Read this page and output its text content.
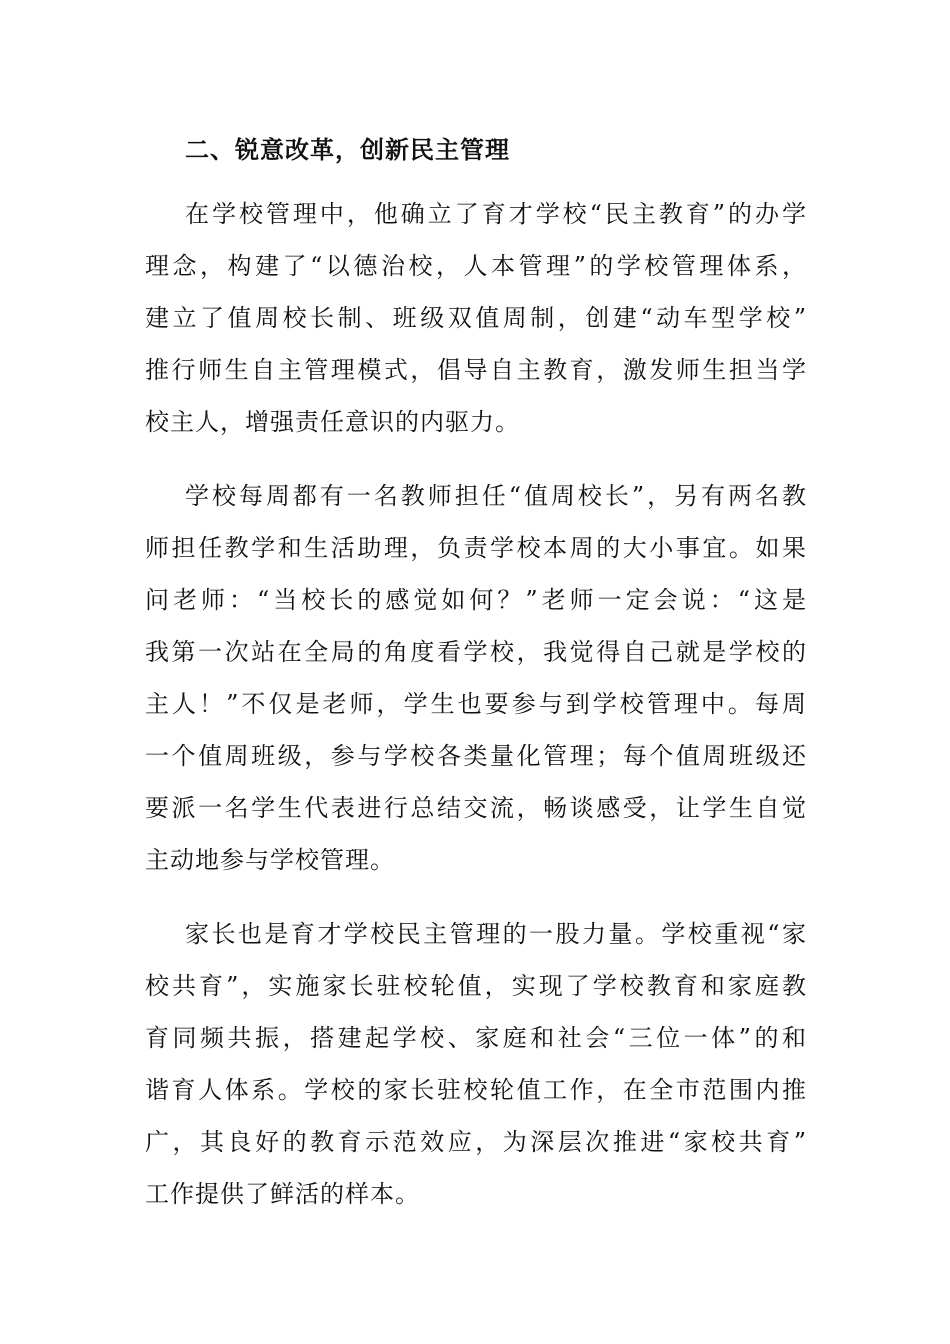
二、锐意改革，创新民主管理
在学校管理中，他确立了育才学校“民主教育”的办学
理念，构建了“以德治校，人本管理”的学校管理体系，
建立了值周校长制、班级双值周制，创建“动车型学校”
推行师生自主管理模式，倡导自主教育，激发师生担当学
校主人，增强责任意识的内驱力。
学校每周都有一名教师担任“值周校长”，另有两名教
师担任教学和生活助理，负责学校本周的大小事宜。如果
问老师：“当校长的感觉如何？”老师一定会说：“这是
我第一次站在全局的角度看学校，我觉得自己就是学校的
主人！”不仅是老师，学生也要参与到学校管理中。每周
一个值周班级，参与学校各类量化管理；每个值周班级还
要派一名学生代表进行总结交流，畅谈感受，让学生自觉
主动地参与学校管理。
家长也是育才学校民主管理的一股力量。学校重视“家
校共育”，实施家长驻校轮值，实现了学校教育和家庭教
育同频共振，搭建起学校、家庭和社会“三位一体”的和
谐育人体系。学校的家长驻校轮值工作，在全市范围内推
广，其良好的教育示范效应，为深层次推进“家校共育”
工作提供了鲜活的样本。
